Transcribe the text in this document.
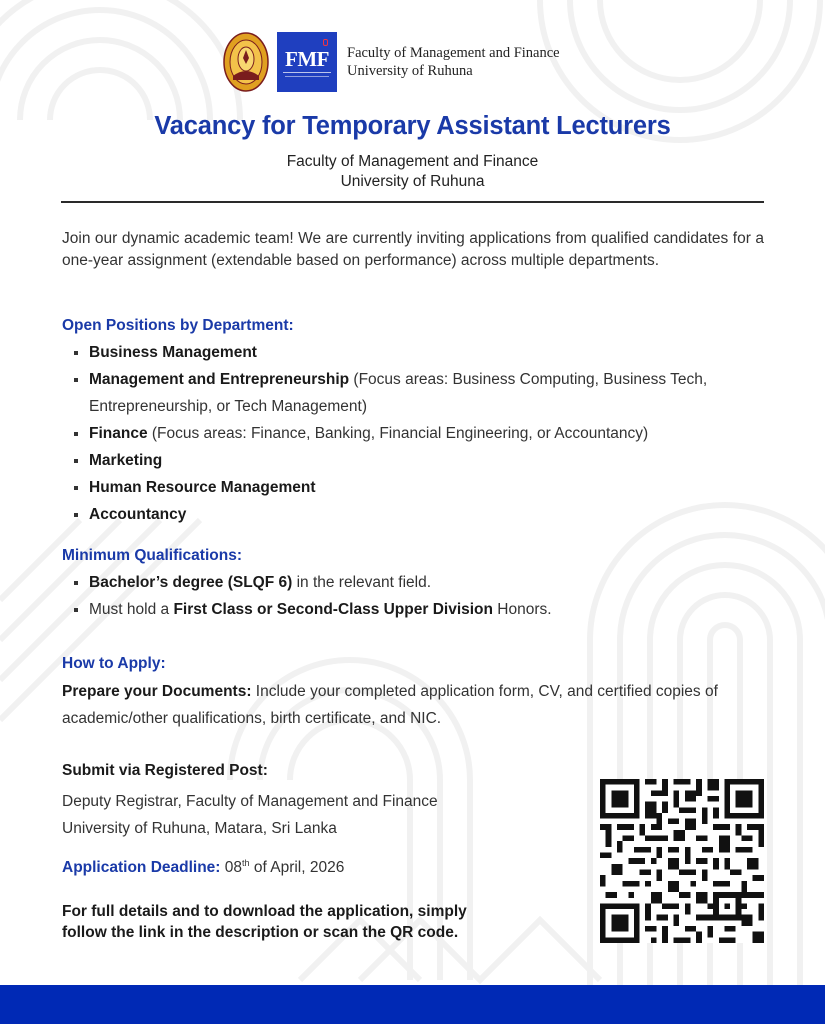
FMF	Faculty of Management and Finance
University of Ruhuna
Vacancy for Temporary Assistant Lecturers
Faculty of Management and Finance
University of Ruhuna

Join our dynamic academic team! We are currently inviting applications from qualified candidates for a one-year assignment (extendable based on performance) across multiple departments.

Open Positions by Department:
Business Management
Management and Entrepreneurship (Focus areas: Business Computing, Business Tech, Entrepreneurship, or Tech Management)
Finance (Focus areas: Finance, Banking, Financial Engineering, or Accountancy)
Marketing
Human Resource Management
Accountancy
Minimum Qualifications:
Bachelor’s degree (SLQF 6) in the relevant field.
Must hold a First Class or Second-Class Upper Division Honors.
How to Apply:

Prepare your Documents: Include your completed application form, CV, and certified copies of academic/other qualifications, birth certificate, and NIC.

Submit via Registered Post:
Deputy Registrar, Faculty of Management and Finance
University of Ruhuna, Matara, Sri Lanka
Application Deadline: 08th of April, 2026
For full details and to download the application, simply
follow the link in the description or scan the QR code.
